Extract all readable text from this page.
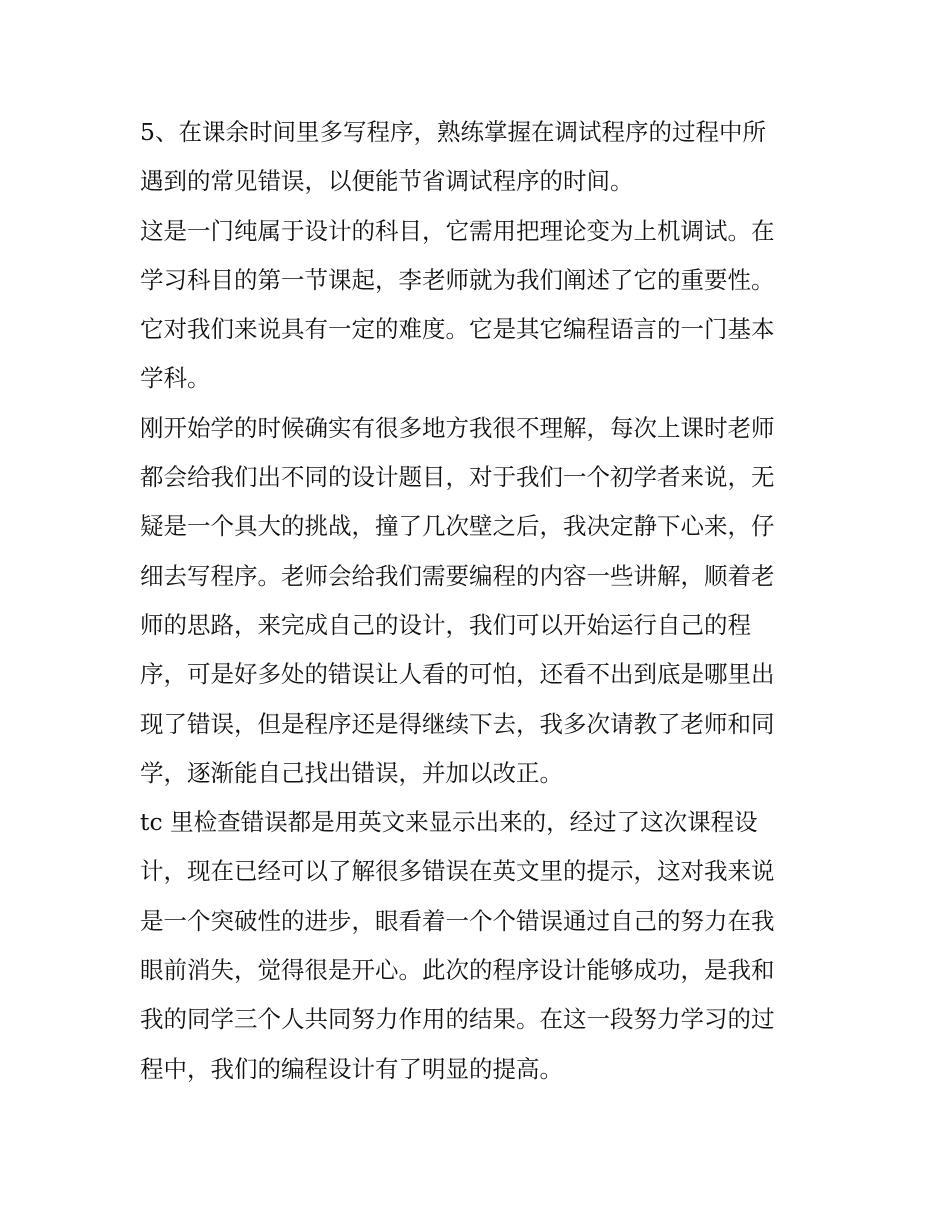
5、在课余时间里多写程序，熟练掌握在调试程序的过程中所
遇到的常见错误，以便能节省调试程序的时间。
这是一门纯属于设计的科目，它需用把理论变为上机调试。在
学习科目的第一节课起，李老师就为我们阐述了它的重要性。
它对我们来说具有一定的难度。它是其它编程语言的一门基本
学科。
刚开始学的时候确实有很多地方我很不理解，每次上课时老师
都会给我们出不同的设计题目，对于我们一个初学者来说，无
疑是一个具大的挑战，撞了几次壁之后，我决定静下心来，仔
细去写程序。老师会给我们需要编程的内容一些讲解，顺着老
师的思路，来完成自己的设计，我们可以开始运行自己的程
序，可是好多处的错误让人看的可怕，还看不出到底是哪里出
现了错误，但是程序还是得继续下去，我多次请教了老师和同
学，逐渐能自己找出错误，并加以改正。
tc 里检查错误都是用英文来显示出来的，经过了这次课程设
计，现在已经可以了解很多错误在英文里的提示，这对我来说
是一个突破性的进步，眼看着一个个错误通过自己的努力在我
眼前消失，觉得很是开心。此次的程序设计能够成功，是我和
我的同学三个人共同努力作用的结果。在这一段努力学习的过
程中，我们的编程设计有了明显的提高。
